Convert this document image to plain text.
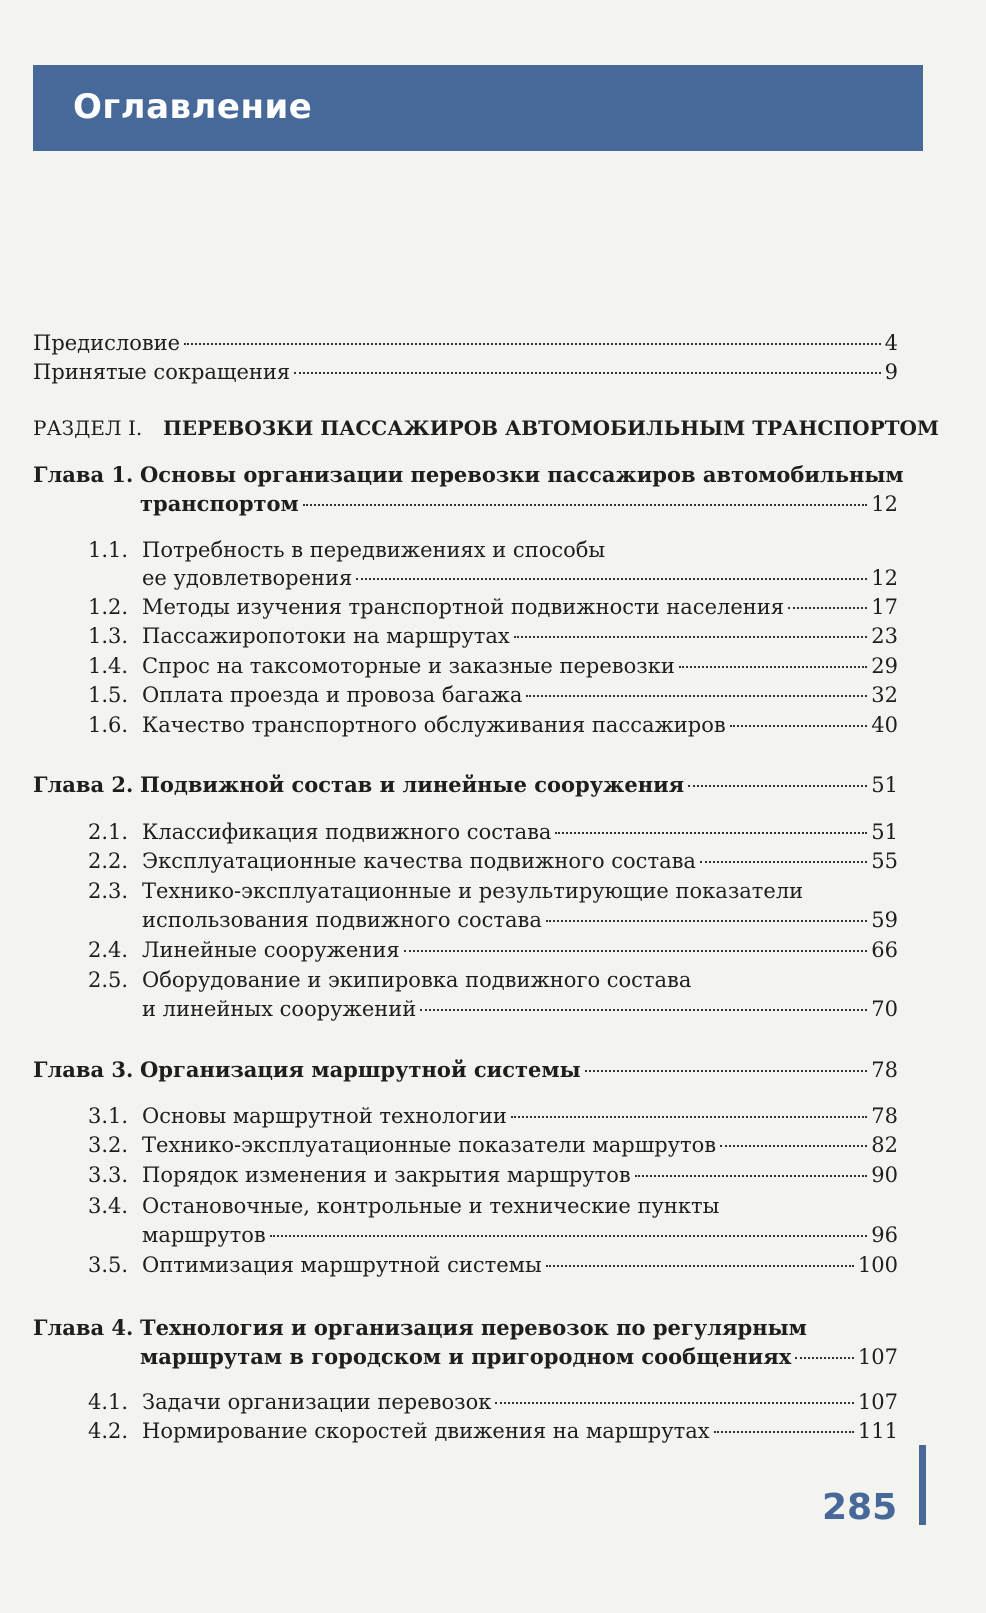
Оглавление
Предисловие	4
Принятые сокращения	9
РАЗДЕЛ I. ПЕРЕВОЗКИ ПАССАЖИРОВ АВТОМОБИЛЬНЫМ ТРАНСПОРТОМ
Глава 1. Основы организации перевозки пассажиров автомобильным
транспортом	12
1.1. Потребность в передвижениях и способы
ее удовлетворения	12
1.2. Методы изучения транспортной подвижности населения	17
1.3. Пассажиропотоки на маршрутах	23
1.4. Спрос на таксомоторные и заказные перевозки	29
1.5. Оплата проезда и провоза багажа	32
1.6. Качество транспортного обслуживания пассажиров	40
Глава 2. Подвижной состав и линейные сооружения	51
2.1. Классификация подвижного состава	51
2.2. Эксплуатационные качества подвижного состава	55
2.3. Технико-эксплуатационные и результирующие показатели
использования подвижного состава	59
2.4. Линейные сооружения	66
2.5. Оборудование и экипировка подвижного состава
и линейных сооружений	70
Глава 3. Организация маршрутной системы	78
3.1. Основы маршрутной технологии	78
3.2. Технико-эксплуатационные показатели маршрутов	82
3.3. Порядок изменения и закрытия маршрутов	90
3.4. Остановочные, контрольные и технические пункты
маршрутов	96
3.5. Оптимизация маршрутной системы	100
Глава 4. Технология и организация перевозок по регулярным
маршрутам в городском и пригородном сообщениях	107
4.1. Задачи организации перевозок	107
4.2. Нормирование скоростей движения на маршрутах	111
285
